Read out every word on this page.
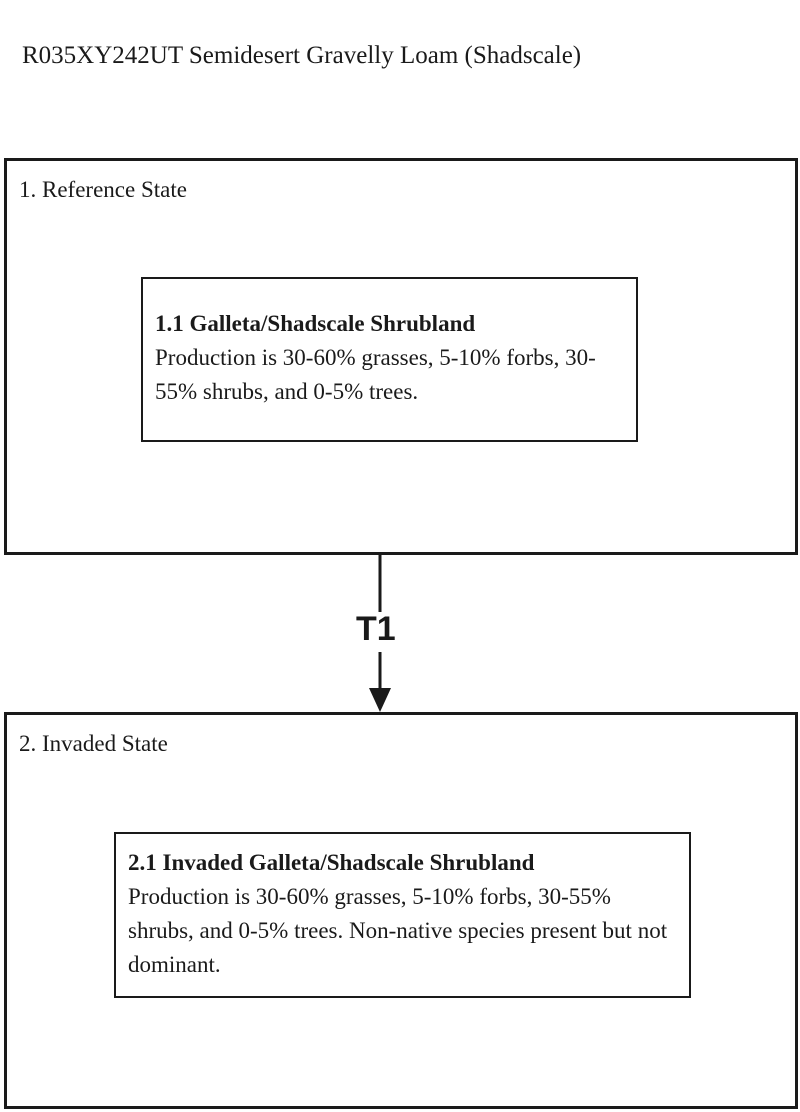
R035XY242UT Semidesert Gravelly Loam (Shadscale)
1. Reference State
1.1 Galleta/Shadscale Shrubland

Production is 30-60% grasses, 5-10% forbs, 30-55% shrubs, and 0-5% trees.

T1
2. Invaded State
2.1 Invaded Galleta/Shadscale Shrubland

Production is 30-60% grasses, 5-10% forbs, 30-55% shrubs, and 0-5% trees. Non-native species present but not dominant.
